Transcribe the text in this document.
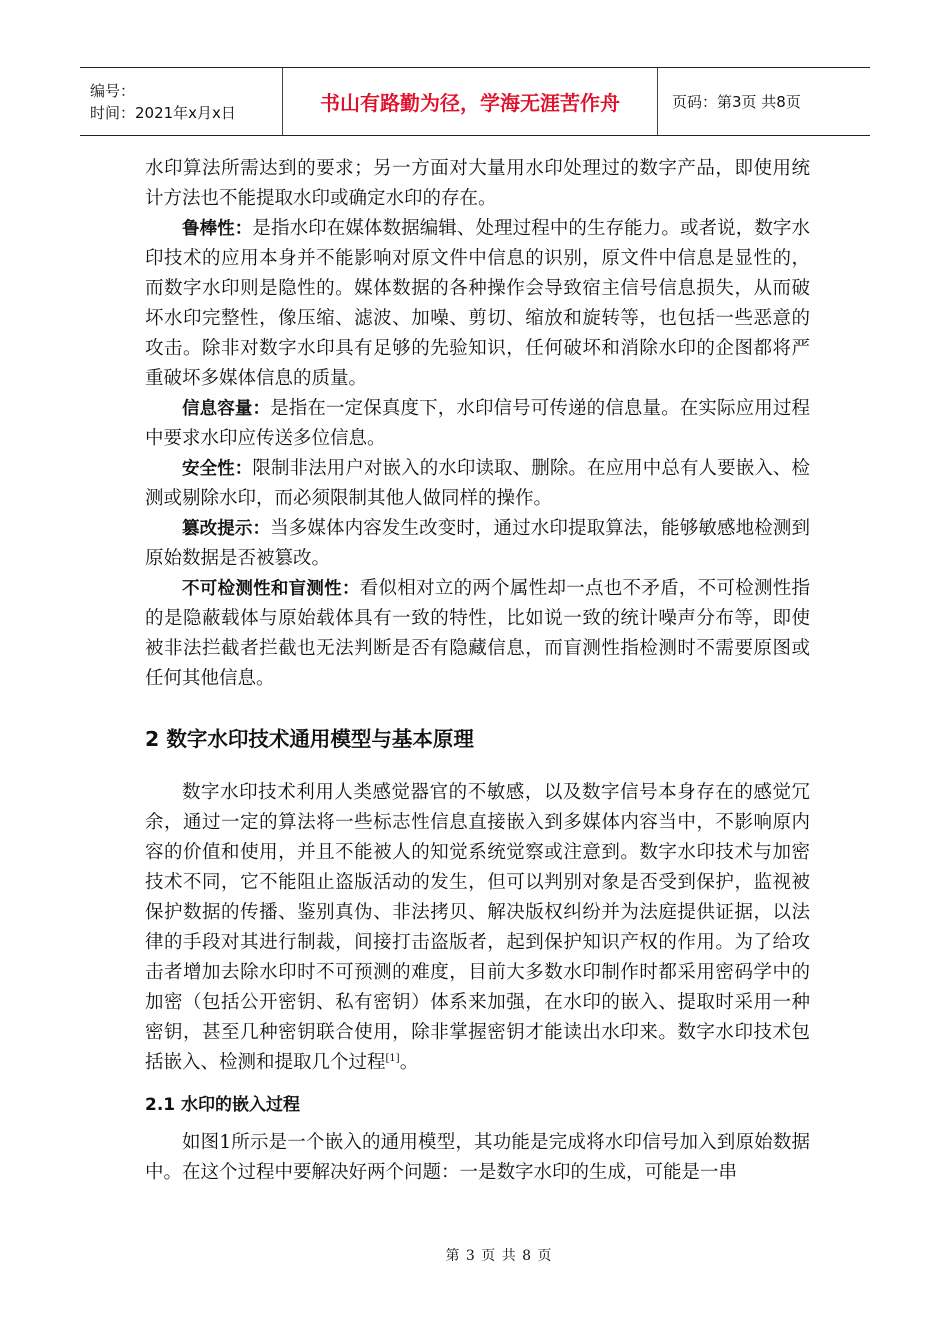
编号：
时间：2021年x月x日	书山有路勤为径，学海无涯苦作舟	页码：第3页 共8页

水印算法所需达到的要求；另一方面对大量用水印处理过的数字产品，即使用统计方法也不能提取水印或确定水印的存在。

鲁棒性：是指水印在媒体数据编辑、处理过程中的生存能力。或者说，数字水印技术的应用本身并不能影响对原文件中信息的识别，原文件中信息是显性的，而数字水印则是隐性的。媒体数据的各种操作会导致宿主信号信息损失，从而破坏水印完整性，像压缩、滤波、加噪、剪切、缩放和旋转等，也包括一些恶意的攻击。除非对数字水印具有足够的先验知识，任何破坏和消除水印的企图都将严重破坏多媒体信息的质量。

信息容量：是指在一定保真度下，水印信号可传递的信息量。在实际应用过程中要求水印应传送多位信息。

安全性：限制非法用户对嵌入的水印读取、删除。在应用中总有人要嵌入、检测或剔除水印，而必须限制其他人做同样的操作。

篡改提示：当多媒体内容发生改变时，通过水印提取算法，能够敏感地检测到原始数据是否被篡改。

不可检测性和盲测性：看似相对立的两个属性却一点也不矛盾，不可检测性指的是隐蔽载体与原始载体具有一致的特性，比如说一致的统计噪声分布等，即使被非法拦截者拦截也无法判断是否有隐藏信息，而盲测性指检测时不需要原图或任何其他信息。

2 数字水印技术通用模型与基本原理

数字水印技术利用人类感觉器官的不敏感，以及数字信号本身存在的感觉冗余，通过一定的算法将一些标志性信息直接嵌入到多媒体内容当中，不影响原内容的价值和使用，并且不能被人的知觉系统觉察或注意到。数字水印技术与加密技术不同，它不能阻止盗版活动的发生，但可以判别对象是否受到保护，监视被保护数据的传播、鉴别真伪、非法拷贝、解决版权纠纷并为法庭提供证据，以法律的手段对其进行制裁，间接打击盗版者，起到保护知识产权的作用。为了给攻击者增加去除水印时不可预测的难度，目前大多数水印制作时都采用密码学中的加密（包括公开密钥、私有密钥）体系来加强，在水印的嵌入、提取时采用一种密钥，甚至几种密钥联合使用，除非掌握密钥才能读出水印来。数字水印技术包括嵌入、检测和提取几个过程[1]。

2.1 水印的嵌入过程

如图1所示是一个嵌入的通用模型，其功能是完成将水印信号加入到原始数据中。在这个过程中要解决好两个问题：一是数字水印的生成，可能是一串

第 3 页 共 8 页
